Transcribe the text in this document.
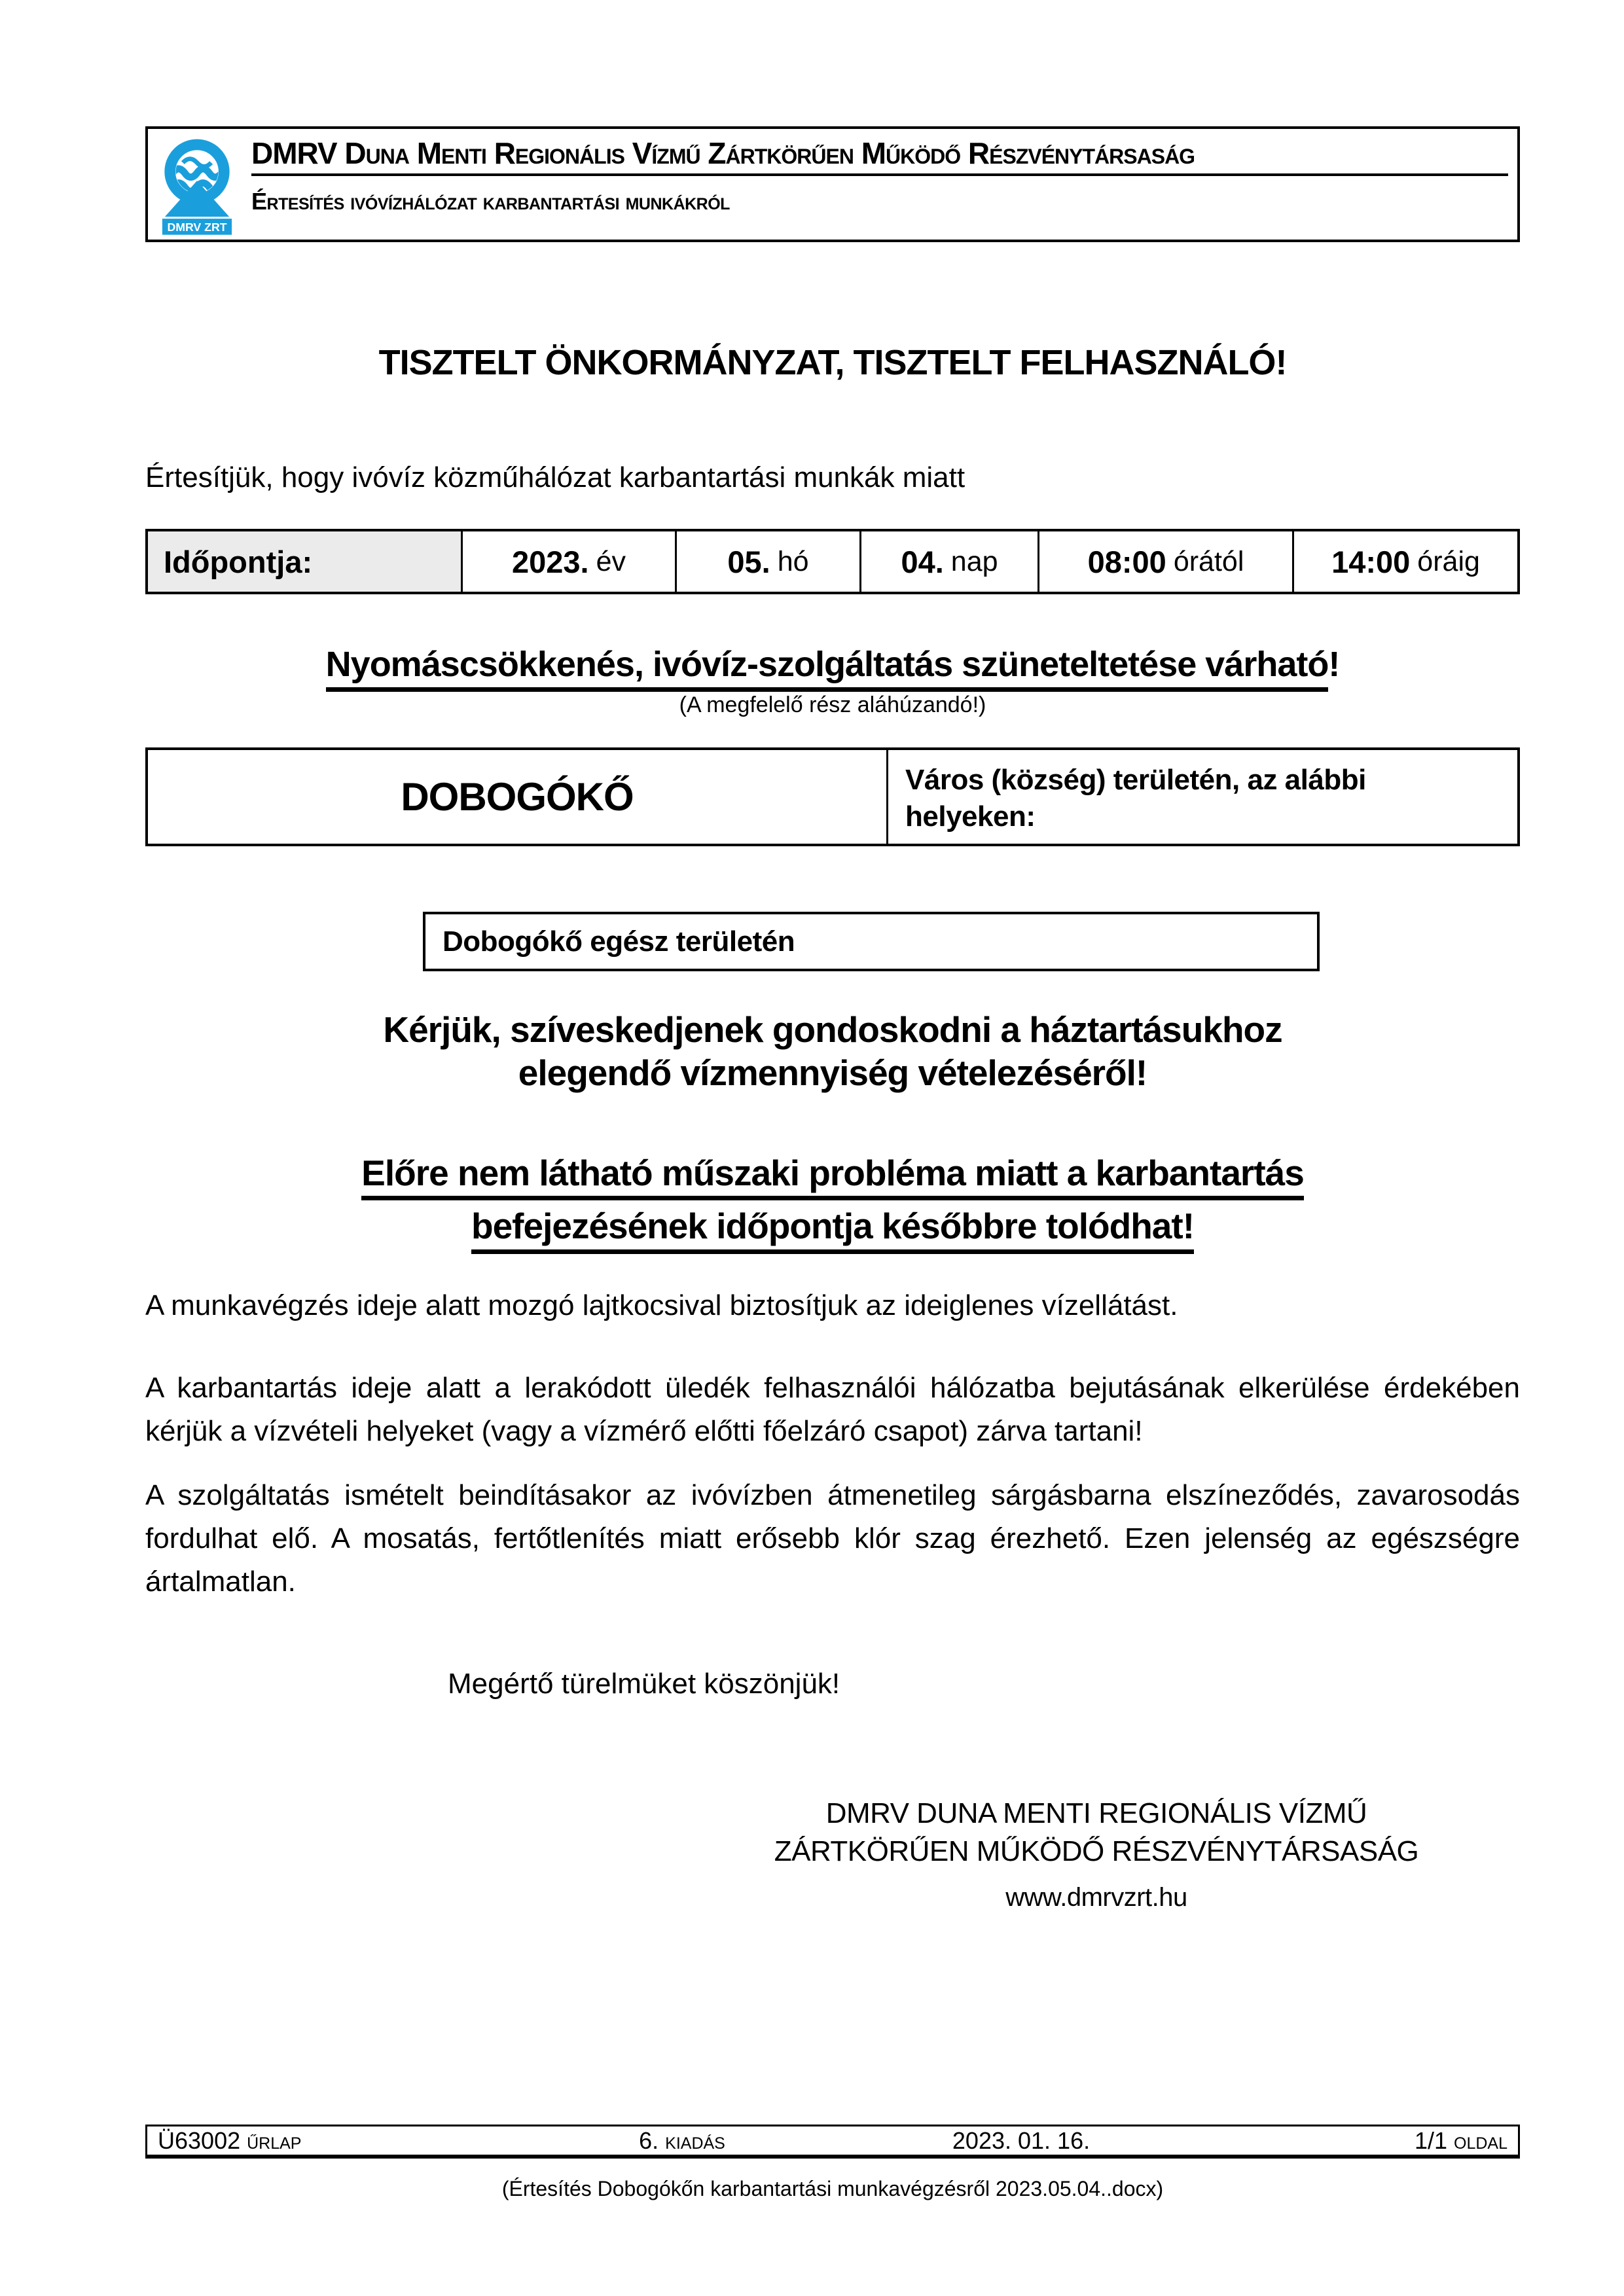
DMRV ZRT
DMRV Duna Menti Regionális Vízmű Zártkörűen Működő Részvénytársaság
Értesítés ivóvízhálózat karbantartási munkákról
TISZTELT ÖNKORMÁNYZAT, TISZTELT FELHASZNÁLÓ!
Értesítjük, hogy ivóvíz közműhálózat karbantartási munkák miatt
Időpontja:	2023. év	05. hó	04. nap	08:00 órától	14:00 óráig
Nyomáscsökkenés, ivóvíz-szolgáltatás szüneteltetése várható!
(A megfelelő rész aláhúzandó!)
DOBOGÓKŐ	Város (község) területén, az alábbi helyeken:
Dobogókő egész területén
Kérjük, szíveskedjenek gondoskodni a háztartásukhoz
elegendő vízmennyiség vételezéséről!
Előre nem látható műszaki probléma miatt a karbantartás
befejezésének időpontja későbbre tolódhat!
A munkavégzés ideje alatt mozgó lajtkocsival biztosítjuk az ideiglenes vízellátást.
A karbantartás ideje alatt a lerakódott üledék felhasználói hálózatba bejutásának elkerülése érdekében kérjük a vízvételi helyeket (vagy a vízmérő előtti főelzáró csapot) zárva tartani!
A szolgáltatás ismételt beindításakor az ivóvízben átmenetileg sárgásbarna elszíneződés, zavarosodás fordulhat elő. A mosatás, fertőtlenítés miatt erősebb klór szag érezhető. Ezen jelenség az egészségre ártalmatlan.
Megértő türelmüket köszönjük!
DMRV DUNA MENTI REGIONÁLIS VÍZMŰ
ZÁRTKÖRŰEN MŰKÖDŐ RÉSZVÉNYTÁRSASÁG
www.dmrvzrt.hu
Ü63002 űrlap	6. kiadás	2023. 01. 16.	1/1 oldal
(Értesítés Dobogókőn karbantartási munkavégzésről 2023.05.04..docx)
